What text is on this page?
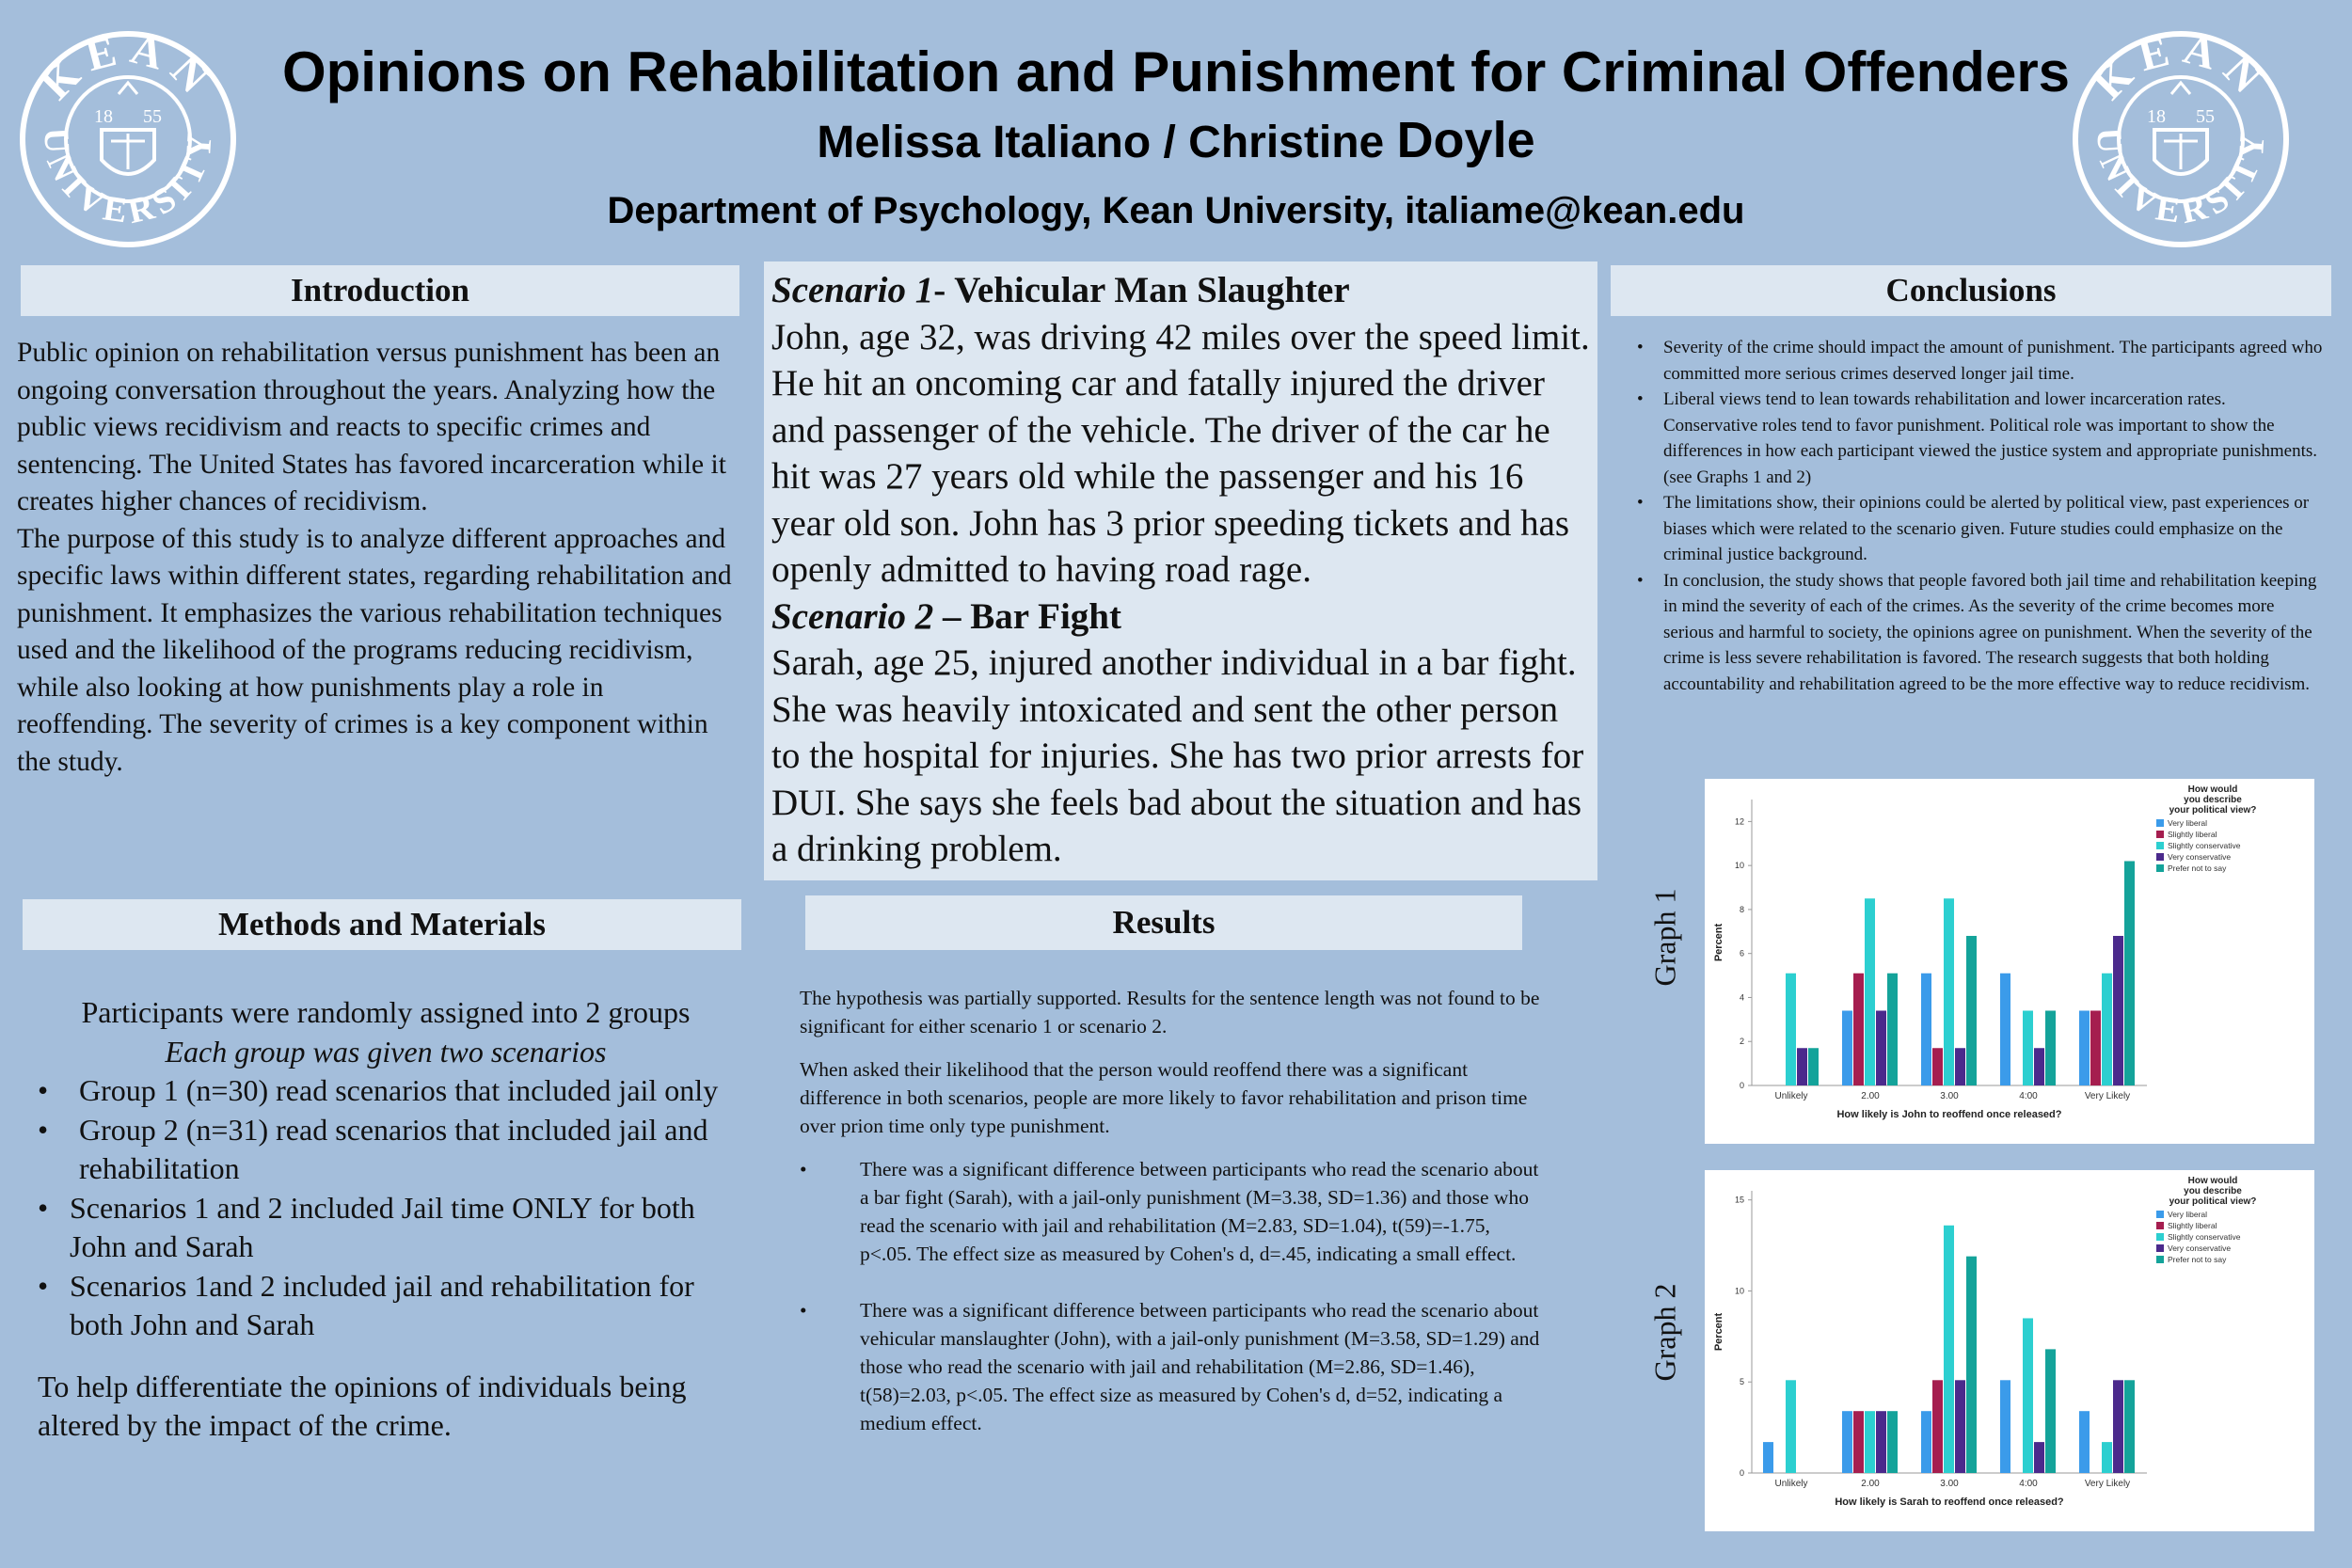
KEAN
UNIVERSITY
18 55
KEAN
UNIVERSITY
18 55
Opinions on Rehabilitation and Punishment for Criminal Offenders
Melissa Italiano / Christine Doyle
Department of Psychology, Kean University, italiame@kean.edu
Introduction
Public opinion on rehabilitation versus punishment has been an ongoing conversation throughout the years. Analyzing how the public views recidivism and reacts to specific crimes and sentencing. The United States has favored incarceration while it creates higher chances of recidivism.
The purpose of this study is to analyze different approaches and specific laws within different states, regarding rehabilitation and punishment. It emphasizes the various rehabilitation techniques used and the likelihood of the programs reducing recidivism, while also looking at how punishments play a role in reoffending. The severity of crimes is a key component within the study.
Scenario 1- Vehicular Man Slaughter
John, age 32, was driving 42 miles over the speed limit. He hit an oncoming car and fatally injured the driver and passenger of the vehicle. The driver of the car he hit was 27 years old while the passenger and his 16 year old son. John has 3 prior speeding tickets and has openly admitted to having road rage.
Scenario 2 – Bar Fight
Sarah, age 25, injured another individual in a bar fight. She was heavily intoxicated and sent the other person to the hospital for injuries. She has two prior arrests for DUI. She says she feels bad about the situation and has a drinking problem.
Methods and Materials
Participants were randomly assigned into 2 groups
Each group was given two scenarios
• Group 1 (n=30) read scenarios that included jail only
• Group 2 (n=31) read scenarios that included jail and rehabilitation
• Scenarios 1 and 2 included Jail time ONLY for both John and Sarah
• Scenarios 1and 2 included jail and rehabilitation for both John and Sarah
To help differentiate the opinions of individuals being altered by the impact of the crime.
Results

The hypothesis was partially supported. Results for the sentence length was not found to be significant for either scenario 1 or scenario 2.

When asked their likelihood that the person would reoffend there was a significant difference in both scenarios, people are more likely to favor rehabilitation and prison time over prion time only type punishment.

•	There was a significant difference between participants who read the scenario about a bar fight (Sarah), with a jail-only punishment (M=3.38, SD=1.36) and those who read the scenario with jail and rehabilitation (M=2.83, SD=1.04), t(59)=-1.75, p<.05. The effect size as measured by Cohen's d, d=.45, indicating a small effect.
•	There was a significant difference between participants who read the scenario about vehicular manslaughter (John), with a jail-only punishment (M=3.58, SD=1.29) and those who read the scenario with jail and rehabilitation (M=2.86, SD=1.46), t(58)=2.03, p<.05. The effect size as measured by Cohen's d, d=52, indicating a medium effect.
Conclusions
• Severity of the crime should impact the amount of punishment. The participants agreed who committed more serious crimes deserved longer jail time.
• Liberal views tend to lean towards rehabilitation and lower incarceration rates. Conservative roles tend to favor punishment. Political role was important to show the differences in how each participant viewed the justice system and appropriate punishments. (see Graphs 1 and 2)
• The limitations show, their opinions could be alerted by political view, past experiences or biases which were related to the scenario given. Future studies could emphasize on the criminal justice background.
• In conclusion, the study shows that people favored both jail time and rehabilitation keeping in mind the severity of each of the crimes. As the severity of the crime becomes more serious and harmful to society, the opinions agree on punishment. When the severity of the crime is less severe rehabilitation is favored. The research suggests that both holding accountability and rehabilitation agreed to be the more effective way to reduce recidivism.
Graph 1
Graph 2
0
2
4
6
8
10
12
Percent
Unlikely	2.00	3.00	4:00	Very Likely
How likely is John to reoffend once released?
How would you describe your political view?
Very liberal
Slightly liberal
Slightly conservative
Very conservative
Prefer not to say
0
5
10
15
Percent
Unlikely	2.00	3.00	4:00	Very Likely
How likely is Sarah to reoffend once released?
How would you describe your political view?
Very liberal
Slightly liberal
Slightly conservative
Very conservative
Prefer not to say
